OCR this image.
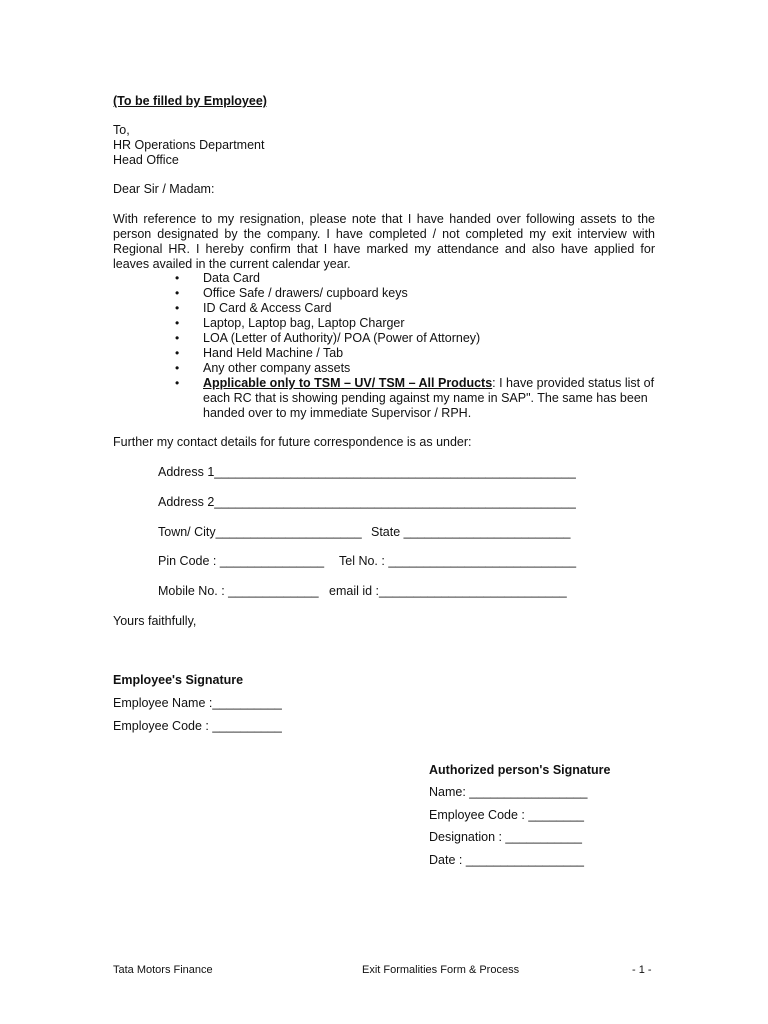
(To be filled by Employee)
To,
HR Operations Department
Head Office
Dear Sir / Madam:
With reference to my resignation, please note that I have handed over following assets to the person designated by the company. I have completed / not completed my exit interview with Regional HR. I hereby confirm that I have marked my attendance and also have applied for leaves availed in the current calendar year.
• Data Card
• Office Safe / drawers/ cupboard keys
• ID Card & Access Card
• Laptop, Laptop bag, Laptop Charger
• LOA (Letter of Authority)/ POA (Power of Attorney)
• Hand Held Machine / Tab
• Any other company assets
• Applicable only to TSM – UV/ TSM – All Products: I have provided status list of each RC that is showing pending against my name in SAP". The same has been handed over to my immediate Supervisor / RPH.
Further my contact details for future correspondence is as under:
Address 1____________________________________________________
Address 2____________________________________________________
Town/ City_____________________ State ________________________
Pin Code : _______________ Tel No. : ___________________________
Mobile No. : _____________ email id :___________________________
Yours faithfully,
Employee's Signature
Employee Name :__________
Employee Code : __________
Authorized person's Signature
Name: _________________
Employee Code : ________
Designation : ___________
Date : _________________
Tata Motors Finance	Exit Formalities Form & Process	- 1 -
